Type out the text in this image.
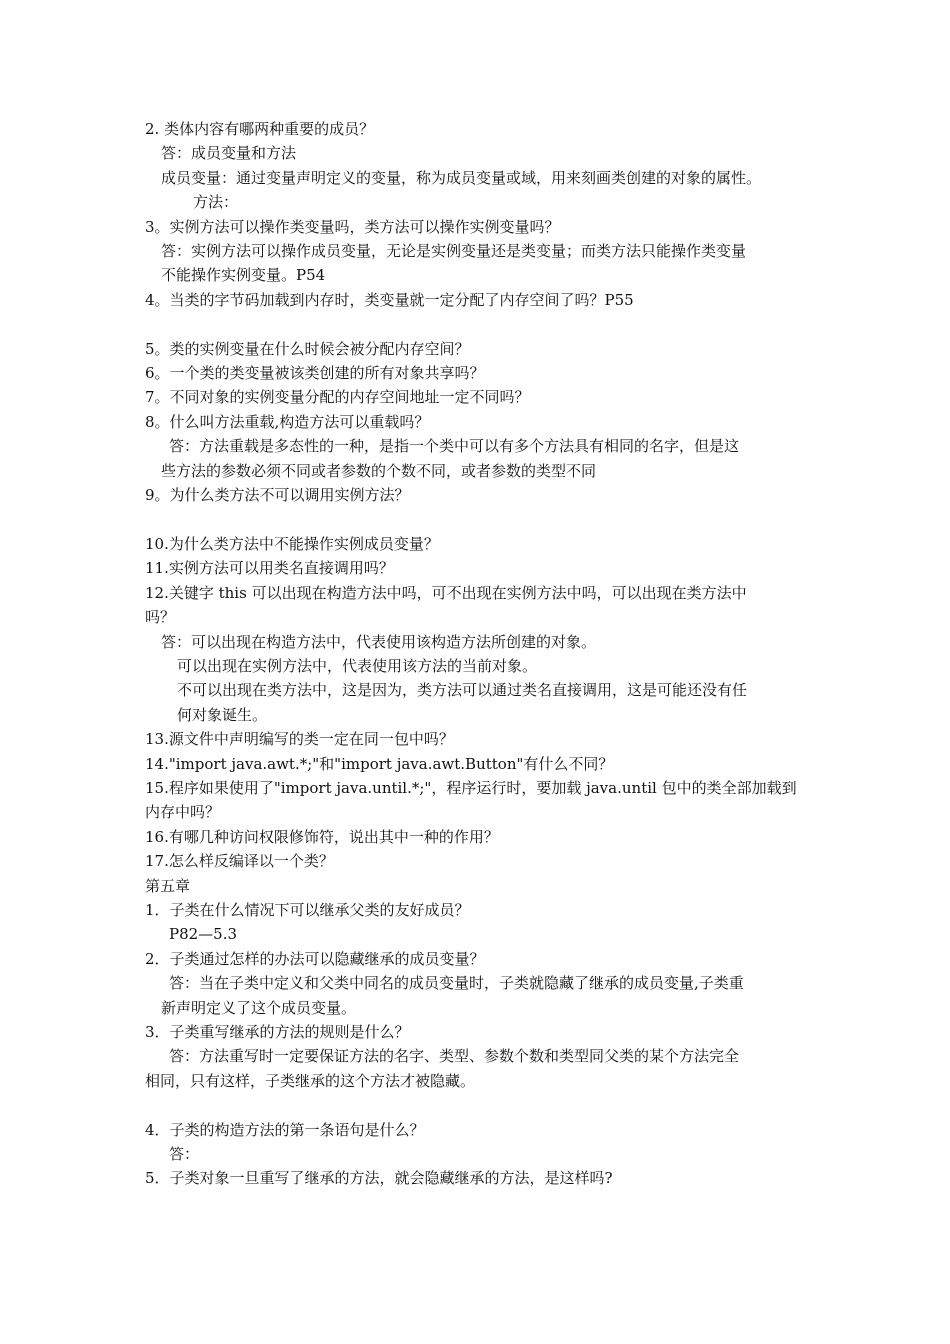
2. 类体内容有哪两种重要的成员？
答：成员变量和方法
成员变量：通过变量声明定义的变量，称为成员变量或域，用来刻画类创建的对象的属性。
方法：
3。实例方法可以操作类变量吗，类方法可以操作实例变量吗？
答：实例方法可以操作成员变量，无论是实例变量还是类变量；而类方法只能操作类变量
不能操作实例变量。P54
4。当类的字节码加载到内存时，类变量就一定分配了内存空间了吗？P55
5。类的实例变量在什么时候会被分配内存空间？
6。一个类的类变量被该类创建的所有对象共享吗？
7。不同对象的实例变量分配的内存空间地址一定不同吗？
8。什么叫方法重载,构造方法可以重载吗？
答：方法重载是多态性的一种，是指一个类中可以有多个方法具有相同的名字，但是这
些方法的参数必须不同或者参数的个数不同，或者参数的类型不同
9。为什么类方法不可以调用实例方法？
10.为什么类方法中不能操作实例成员变量？
11.实例方法可以用类名直接调用吗？
12.关键字 this 可以出现在构造方法中吗，可不出现在实例方法中吗，可以出现在类方法中
吗？
答：可以出现在构造方法中，代表使用该构造方法所创建的对象。
可以出现在实例方法中，代表使用该方法的当前对象。
不可以出现在类方法中，这是因为，类方法可以通过类名直接调用，这是可能还没有任
何对象诞生。
13.源文件中声明编写的类一定在同一包中吗？
14."import java.awt.*;"和"import java.awt.Button"有什么不同？
15.程序如果使用了"import java.until.*;"，程序运行时，要加载 java.until 包中的类全部加载到
内存中吗？
16.有哪几种访问权限修饰符，说出其中一种的作用？
17.怎么样反编译以一个类？
第五章
1．子类在什么情况下可以继承父类的友好成员？
P82—5.3
2．子类通过怎样的办法可以隐藏继承的成员变量？
答：当在子类中定义和父类中同名的成员变量时，子类就隐藏了继承的成员变量,子类重
新声明定义了这个成员变量。
3．子类重写继承的方法的规则是什么？
答：方法重写时一定要保证方法的名字、类型、参数个数和类型同父类的某个方法完全
相同，只有这样，子类继承的这个方法才被隐藏。
4．子类的构造方法的第一条语句是什么？
答：
5．子类对象一旦重写了继承的方法，就会隐藏继承的方法，是这样吗?
